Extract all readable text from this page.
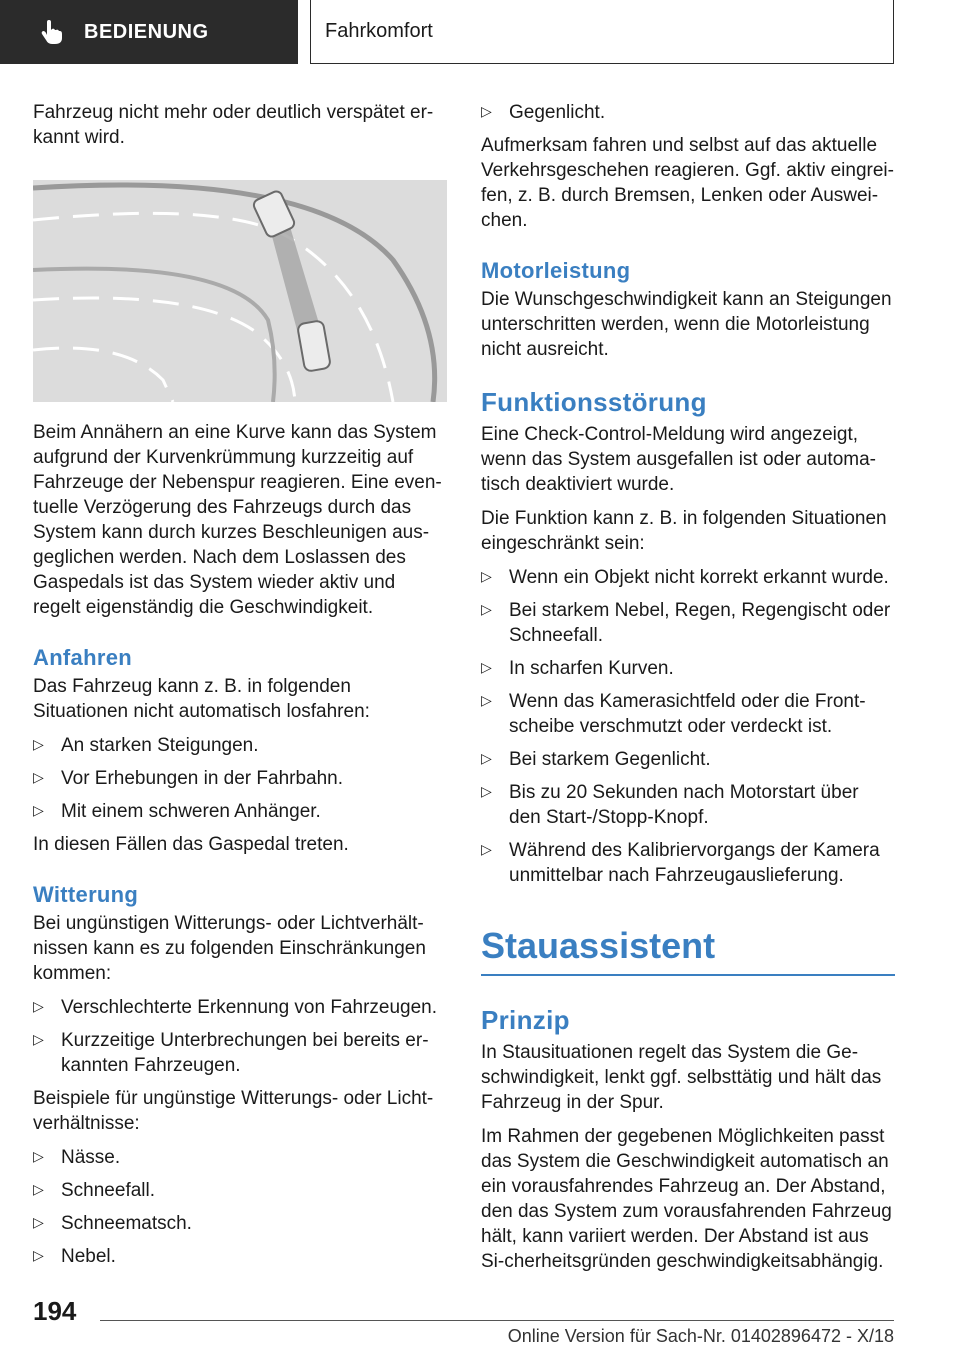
BEDIENUNG	Fahrkomfort

Fahrzeug nicht mehr oder deutlich verspätet er-kannt wird.

Beim Annähern an eine Kurve kann das System aufgrund der Kurvenkrümmung kurzzeitig auf Fahrzeuge der Nebenspur reagieren. Eine even-tuelle Verzögerung des Fahrzeugs durch das System kann durch kurzes Beschleunigen aus-geglichen werden. Nach dem Loslassen des Gaspedals ist das System wieder aktiv und regelt eigenständig die Geschwindigkeit.

Anfahren

Das Fahrzeug kann z. B. in folgenden Situationen nicht automatisch losfahren:

▷ An starken Steigungen.
▷ Vor Erhebungen in der Fahrbahn.
▷ Mit einem schweren Anhänger.

In diesen Fällen das Gaspedal treten.

Witterung

Bei ungünstigen Witterungs- oder Lichtverhält-nissen kann es zu folgenden Einschränkungen kommen:

▷ Verschlechterte Erkennung von Fahrzeugen.
▷ Kurzzeitige Unterbrechungen bei bereits er-kannten Fahrzeugen.

Beispiele für ungünstige Witterungs- oder Licht-verhältnisse:

▷ Nässe.
▷ Schneefall.
▷ Schneematsch.
▷ Nebel.
▷ Gegenlicht.

Aufmerksam fahren und selbst auf das aktuelle Verkehrsgeschehen reagieren. Ggf. aktiv eingrei-fen, z. B. durch Bremsen, Lenken oder Auswei-chen.

Motorleistung

Die Wunschgeschwindigkeit kann an Steigungen unterschritten werden, wenn die Motorleistung nicht ausreicht.

Funktionsstörung

Eine Check-Control-Meldung wird angezeigt, wenn das System ausgefallen ist oder automa-tisch deaktiviert wurde.

Die Funktion kann z. B. in folgenden Situationen eingeschränkt sein:

▷ Wenn ein Objekt nicht korrekt erkannt wurde.
▷ Bei starkem Nebel, Regen, Regengischt oder Schneefall.
▷ In scharfen Kurven.
▷ Wenn das Kamerasichtfeld oder die Front-scheibe verschmutzt oder verdeckt ist.
▷ Bei starkem Gegenlicht.
▷ Bis zu 20 Sekunden nach Motorstart über den Start-/Stopp-Knopf.
▷ Während des Kalibriervorgangs der Kamera unmittelbar nach Fahrzeugauslieferung.
Stauassistent
Prinzip

In Stausituationen regelt das System die Ge-schwindigkeit, lenkt ggf. selbsttätig und hält das Fahrzeug in der Spur.

Im Rahmen der gegebenen Möglichkeiten passt das System die Geschwindigkeit automatisch an ein vorausfahrendes Fahrzeug an. Der Abstand, den das System zum vorausfahrenden Fahrzeug hält, kann variiert werden. Der Abstand ist aus Si-cherheitsgründen geschwindigkeitsabhängig.

194
Online Version für Sach-Nr. 01402896472 - X/18
